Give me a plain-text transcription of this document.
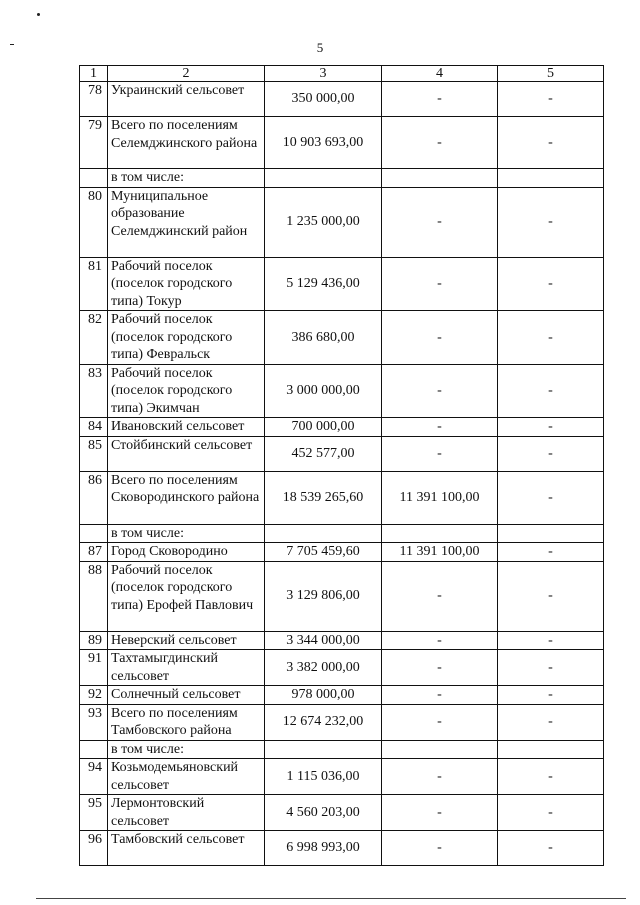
5
1	2	3	4	5
78	Украинский сельсовет	350 000,00	-	-
79	Всего по поселениям Селемджинского района	10 903 693,00	-	-
	в том числе:			
80	Муниципальное образование Селемджинский район	1 235 000,00	-	-
81	Рабочий поселок (поселок городского типа) Токур	5 129 436,00	-	-
82	Рабочий поселок (поселок городского типа) Февральск	386 680,00	-	-
83	Рабочий поселок (поселок городского типа) Экимчан	3 000 000,00	-	-
84	Ивановский сельсовет	700 000,00	-	-
85	Стойбинский сельсовет	452 577,00	-	-
86	Всего по поселениям Сковородинского района	18 539 265,60	11 391 100,00	-
	в том числе:			
87	Город Сковородино	7 705 459,60	11 391 100,00	-
88	Рабочий поселок (поселок городского типа) Ерофей Павлович	3 129 806,00	-	-
89	Неверский сельсовет	3 344 000,00	-	-
91	Тахтамыгдинский сельсовет	3 382 000,00	-	-
92	Солнечный сельсовет	978 000,00	-	-
93	Всего по поселениям Тамбовского района	12 674 232,00	-	-
	в том числе:			
94	Козьмодемьяновский сельсовет	1 115 036,00	-	-
95	Лермонтовский сельсовет	4 560 203,00	-	-
96	Тамбовский сельсовет	6 998 993,00	-	-
